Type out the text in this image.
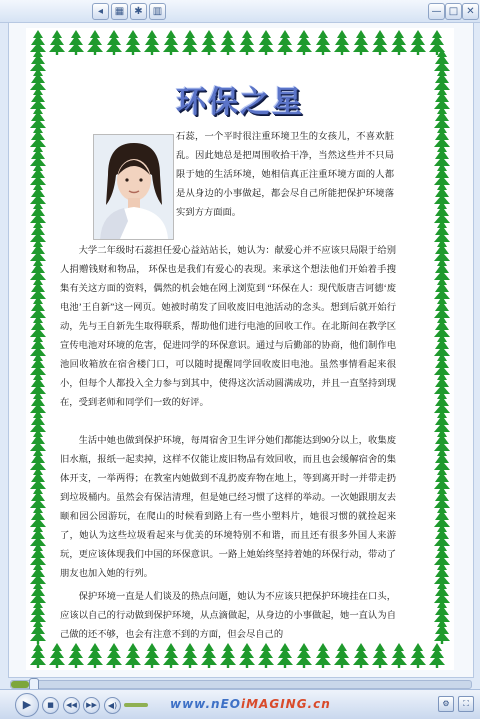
◂	▦	✱	▥	— □ ✕
环保之星

石蕊，一个平时很注重环境卫生的女孩儿，不喜欢脏乱。因此她总是把周围收拾干净，当然这些并不只局限于她的生活环境，她相信真正注重环境方面的人都是从身边的小事做起，都会尽自己所能把保护环境落实到方方面面。

大学二年级时石蕊担任爱心益站站长，她认为：献爱心并不应该只局限于给别人捐赠钱财和物品， 环保也是我们有爱心的表现。来承这个想法他们开始着手搜集有关这方面的资料，偶然的机会她在网上浏览到 “环保在人：现代版唐吉诃德‘废电池’王自新”这一网页。她被时萌发了回收废旧电池活动的念头。想到后就开始行动，先与王自新先生取得联系，帮助他们进行电池的回收工作。在北斯间在教学区宣传电池对环境的危害，促进同学的环保意识。通过与后勤部的协商，他们制作电池回收箱放在宿舍楼门口，可以随时提醒同学回收废旧电池。虽然事情看起来很小，但每个人都投入全力参与到其中，使得这次活动圆满成功，并且一直坚持到现在，受到老师和同学们一致的好评。

生活中她也做到保护环境，每周宿舍卫生评分她们都能达到90分以上，收集废旧水瓶，报纸一起卖掉，这样不仅能让废旧物品有效回收，而且也会缓解宿舍的集体开支，一举两得；在教室内她做到不乱扔废弃物在地上，等到离开时一并带走扔到垃圾桶内。虽然会有保洁清理，但是她已经习惯了这样的举动。一次她跟朋友去颐和园公园游玩，在爬山的时候看到路上有一些小塑料片，她很习惯的就捡起来了，她认为这些垃圾看起来与优美的环境特别不和谐，而且还有很多外国人来游玩，更应该体现我们中国的环保意识。一路上她始终坚持着她的环保行动，带动了朋友也加入她的行列。

保护环境一直是人们谈及的热点问题，她认为不应该只把保护环境挂在口头，应该以自己的行动做到保护环境，从点滴做起，从身边的小事做起，她一直认为自己做的还不够，也会有注意不到的方面，但会尽自己的

▶	■	◀◀	▶▶	◀)	www.nEOiMAGING.cn	⚙	⛶
